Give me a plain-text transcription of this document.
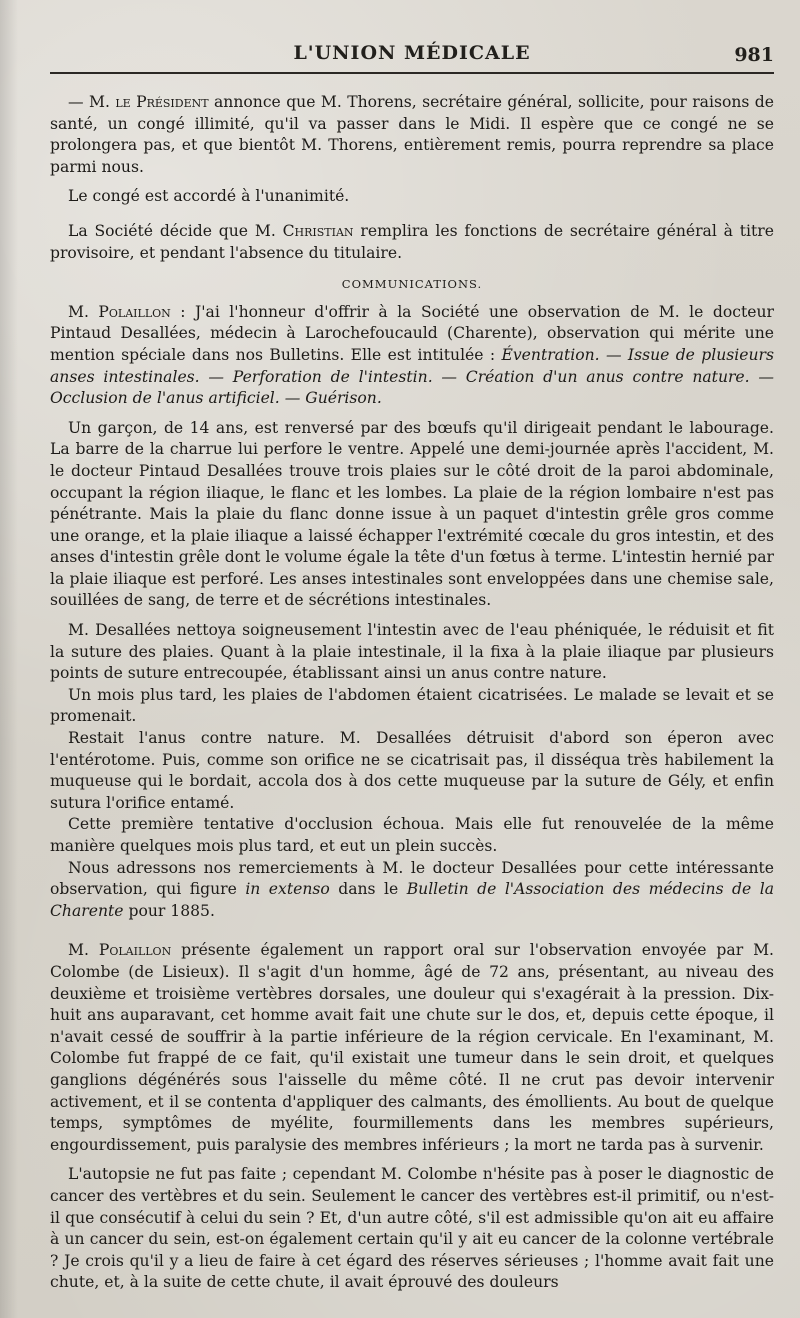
L'UNION MÉDICALE	981

— M. le Président annonce que M. Thorens, secrétaire général, sollicite, pour raisons de santé, un congé illimité, qu'il va passer dans le Midi. Il espère que ce congé ne se prolongera pas, et que bientôt M. Thorens, entièrement remis, pourra reprendre sa place parmi nous.

Le congé est accordé à l'unanimité.

La Société décide que M. Christian remplira les fonctions de secrétaire général à titre provisoire, et pendant l'absence du titulaire.

COMMUNICATIONS.

M. Polaillon : J'ai l'honneur d'offrir à la Société une observation de M. le docteur Pintaud Desallées, médecin à Larochefoucauld (Charente), observation qui mérite une mention spéciale dans nos Bulletins. Elle est intitulée : Éventration. — Issue de plusieurs anses intestinales. — Perforation de l'intestin. — Création d'un anus contre nature. — Occlusion de l'anus artificiel. — Guérison.

Un garçon, de 14 ans, est renversé par des bœufs qu'il dirigeait pendant le labourage. La barre de la charrue lui perfore le ventre. Appelé une demi-journée après l'accident, M. le docteur Pintaud Desallées trouve trois plaies sur le côté droit de la paroi abdominale, occupant la région iliaque, le flanc et les lombes. La plaie de la région lombaire n'est pas pénétrante. Mais la plaie du flanc donne issue à un paquet d'intestin grêle gros comme une orange, et la plaie iliaque a laissé échapper l'extrémité cœcale du gros intestin, et des anses d'intestin grêle dont le volume égale la tête d'un fœtus à terme. L'intestin hernié par la plaie iliaque est perforé. Les anses intestinales sont enveloppées dans une chemise sale, souillées de sang, de terre et de sécrétions intestinales.

M. Desallées nettoya soigneusement l'intestin avec de l'eau phéniquée, le réduisit et fit la suture des plaies. Quant à la plaie intestinale, il la fixa à la plaie iliaque par plusieurs points de suture entrecoupée, établissant ainsi un anus contre nature.

Un mois plus tard, les plaies de l'abdomen étaient cicatrisées. Le malade se levait et se promenait.

Restait l'anus contre nature. M. Desallées détruisit d'abord son éperon avec l'entérotome. Puis, comme son orifice ne se cicatrisait pas, il disséqua très habilement la muqueuse qui le bordait, accola dos à dos cette muqueuse par la suture de Gély, et enfin sutura l'orifice entamé.

Cette première tentative d'occlusion échoua. Mais elle fut renouvelée de la même manière quelques mois plus tard, et eut un plein succès.

Nous adressons nos remerciements à M. le docteur Desallées pour cette intéressante observation, qui figure in extenso dans le Bulletin de l'Association des médecins de la Charente pour 1885.

M. Polaillon présente également un rapport oral sur l'observation envoyée par M. Colombe (de Lisieux). Il s'agit d'un homme, âgé de 72 ans, présentant, au niveau des deuxième et troisième vertèbres dorsales, une douleur qui s'exagérait à la pression. Dix-huit ans auparavant, cet homme avait fait une chute sur le dos, et, depuis cette époque, il n'avait cessé de souffrir à la partie inférieure de la région cervicale. En l'examinant, M. Colombe fut frappé de ce fait, qu'il existait une tumeur dans le sein droit, et quelques ganglions dégénérés sous l'aisselle du même côté. Il ne crut pas devoir intervenir activement, et il se contenta d'appliquer des calmants, des émollients. Au bout de quelque temps, symptômes de myélite, fourmillements dans les membres supérieurs, engourdissement, puis paralysie des membres inférieurs ; la mort ne tarda pas à survenir.

L'autopsie ne fut pas faite ; cependant M. Colombe n'hésite pas à poser le diagnostic de cancer des vertèbres et du sein. Seulement le cancer des vertèbres est-il primitif, ou n'est-il que consécutif à celui du sein ? Et, d'un autre côté, s'il est admissible qu'on ait eu affaire à un cancer du sein, est-on également certain qu'il y ait eu cancer de la colonne vertébrale ? Je crois qu'il y a lieu de faire à cet égard des réserves sérieuses ; l'homme avait fait une chute, et, à la suite de cette chute, il avait éprouvé des douleurs
